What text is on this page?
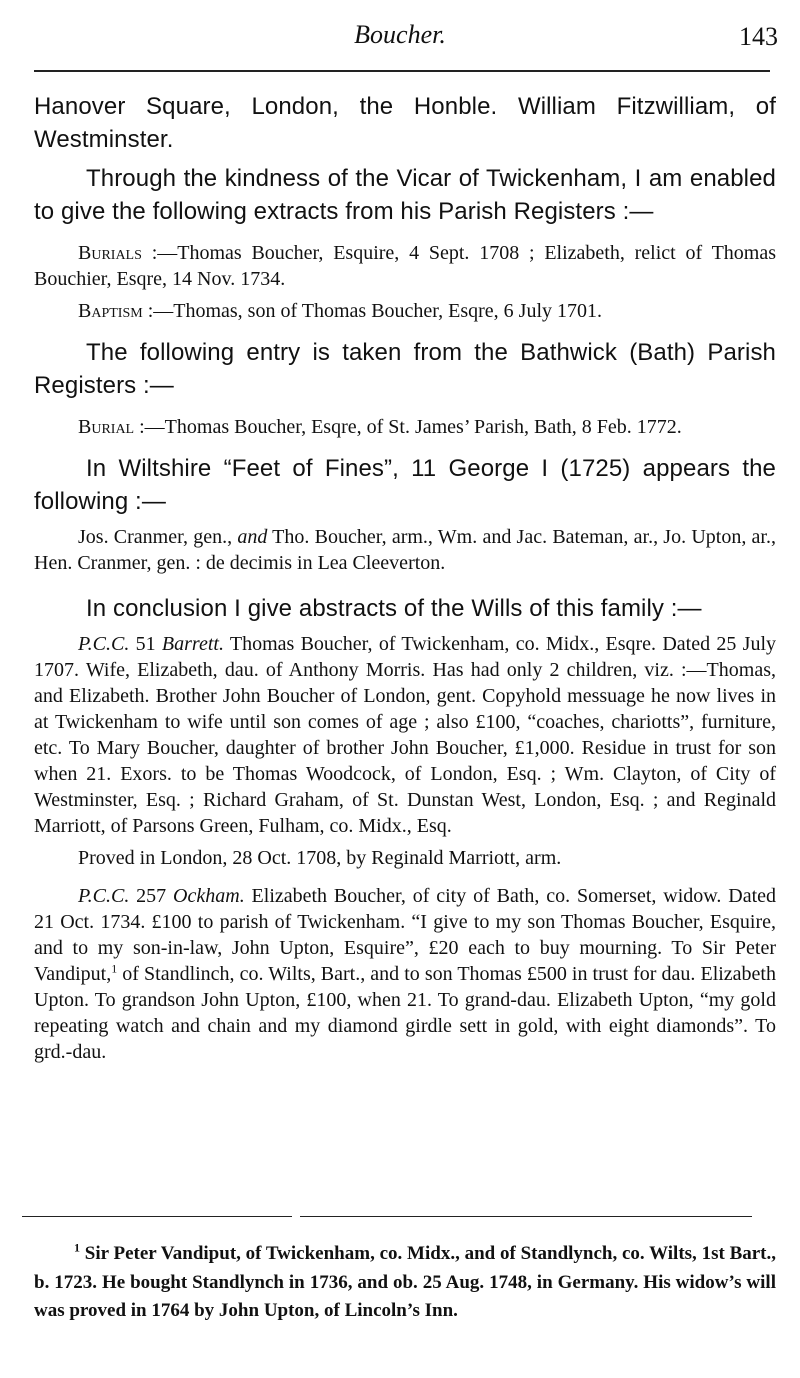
Boucher.	143

Hanover Square, London, the Honble. William Fitzwilliam, of Westminster.

Through the kindness of the Vicar of Twickenham, I am enabled to give the following extracts from his Parish Registers :—

Burials :—Thomas Boucher, Esquire, 4 Sept. 1708 ; Elizabeth, relict of Thomas Bouchier, Esqre, 14 Nov. 1734.

Baptism :—Thomas, son of Thomas Boucher, Esqre, 6 July 1701.

The following entry is taken from the Bathwick (Bath) Parish Registers :—

Burial :—Thomas Boucher, Esqre, of St. James’ Parish, Bath, 8 Feb. 1772.

In Wiltshire “Feet of Fines”, 11 George I (1725) appears the following :—

Jos. Cranmer, gen., and Tho. Boucher, arm., Wm. and Jac. Bateman, ar., Jo. Upton, ar., Hen. Cranmer, gen. : de decimis in Lea Cleeverton.

In conclusion I give abstracts of the Wills of this family :—

P.C.C. 51 Barrett. Thomas Boucher, of Twickenham, co. Midx., Esqre. Dated 25 July 1707. Wife, Elizabeth, dau. of Anthony Morris. Has had only 2 children, viz. :—Thomas, and Elizabeth. Brother John Boucher of London, gent. Copyhold messuage he now lives in at Twickenham to wife until son comes of age ; also £100, “coaches, chariotts”, furniture, etc. To Mary Boucher, daughter of brother John Boucher, £1,000. Residue in trust for son when 21. Exors. to be Thomas Woodcock, of London, Esq. ; Wm. Clayton, of City of Westminster, Esq. ; Richard Graham, of St. Dunstan West, London, Esq. ; and Reginald Marriott, of Parsons Green, Fulham, co. Midx., Esq.

Proved in London, 28 Oct. 1708, by Reginald Marriott, arm.

P.C.C. 257 Ockham. Elizabeth Boucher, of city of Bath, co. Somerset, widow. Dated 21 Oct. 1734. £100 to parish of Twickenham. “I give to my son Thomas Boucher, Esquire, and to my son-in-law, John Upton, Esquire”, £20 each to buy mourning. To Sir Peter Vandiput,$^1$ of Standlinch, co. Wilts, Bart., and to son Thomas £500 in trust for dau. Elizabeth Upton. To grandson John Upton, £100, when 21. To grand-dau. Elizabeth Upton, “my gold repeating watch and chain and my diamond girdle sett in gold, with eight diamonds”. To grd.-dau.

$^1$ Sir Peter Vandiput, of Twickenham, co. Midx., and of Standlynch, co. Wilts, 1st Bart., b. 1723. He bought Standlynch in 1736, and ob. 25 Aug. 1748, in Germany. His widow’s will was proved in 1764 by John Upton, of Lincoln’s Inn.
